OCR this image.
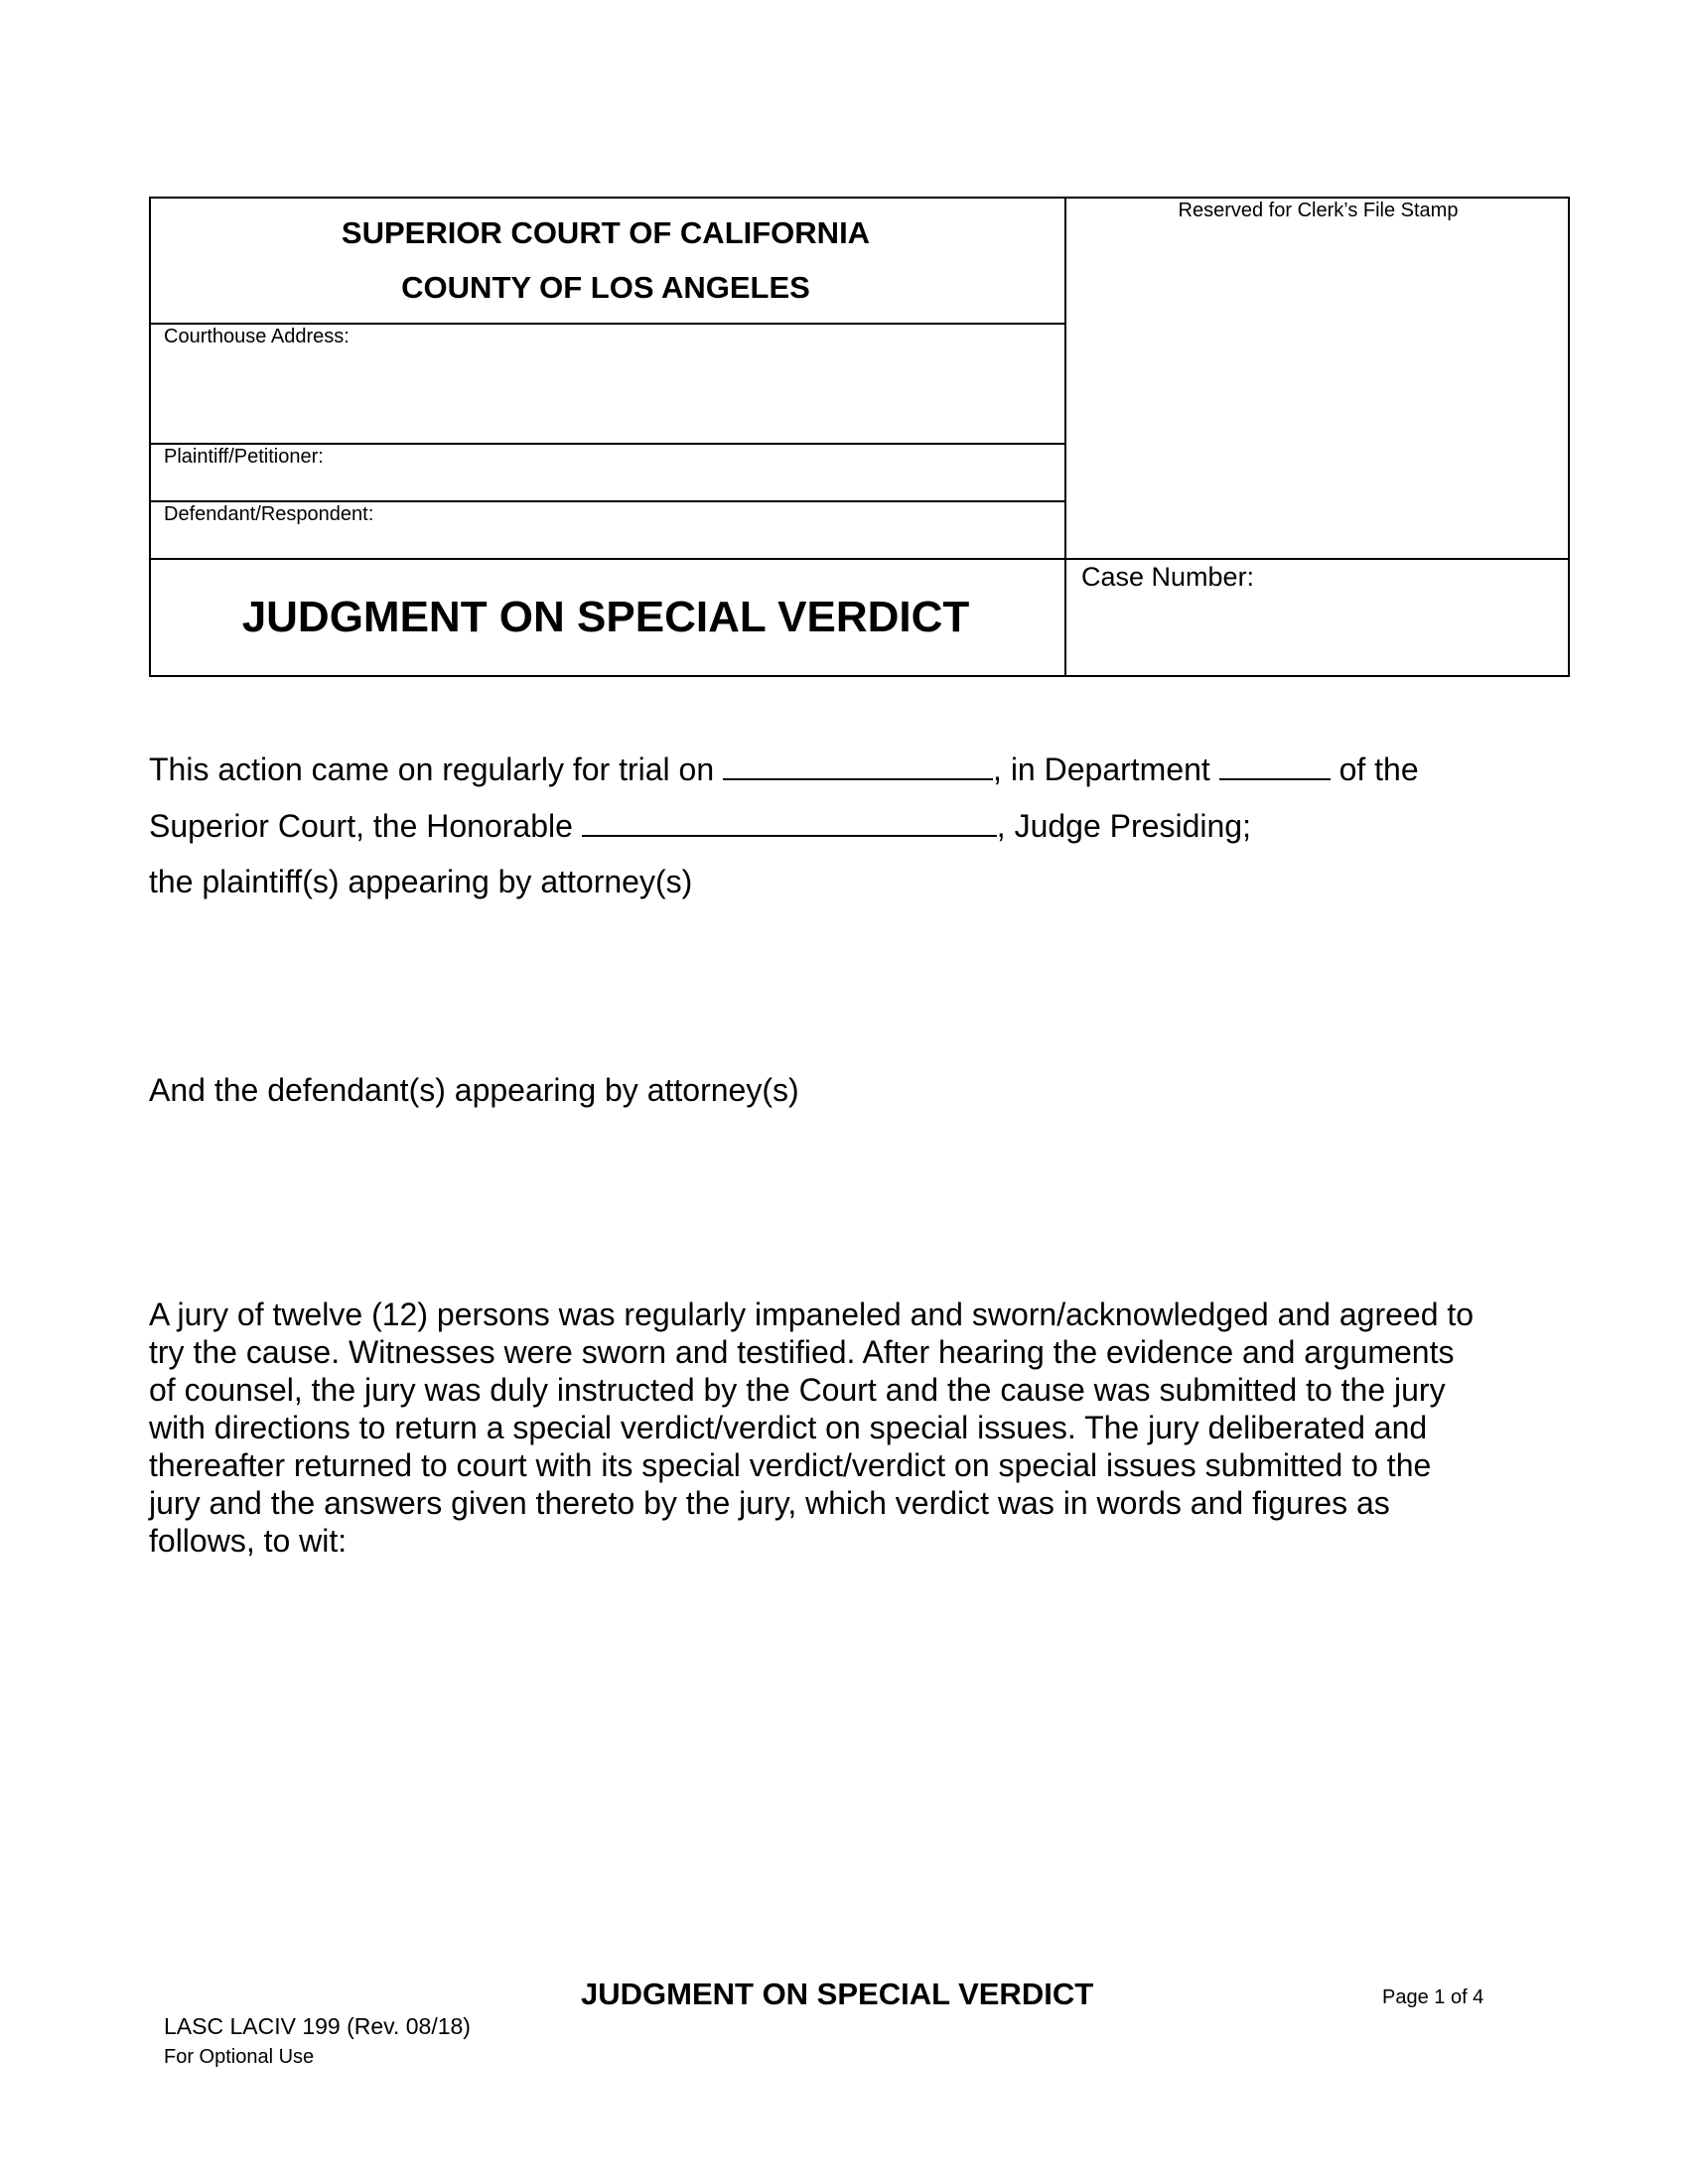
SUPERIOR COURT OF CALIFORNIA
COUNTY OF LOS ANGELES
Courthouse Address:
Plaintiff/Petitioner:
Defendant/Respondent:
Reserved for Clerk’s File Stamp
JUDGMENT ON SPECIAL VERDICT
Case Number:
This action came on regularly for trial on	, in Department	of the
Superior Court, the Honorable	, Judge Presiding;
the plaintiff(s) appearing by attorney(s)
And the defendant(s) appearing by attorney(s)
A jury of twelve (12) persons was regularly impaneled and sworn/acknowledged and agreed to
try the cause. Witnesses were sworn and testified. After hearing the evidence and arguments
of counsel, the jury was duly instructed by the Court and the cause was submitted to the jury
with directions to return a special verdict/verdict on special issues. The jury deliberated and
thereafter returned to court with its special verdict/verdict on special issues submitted to the
jury and the answers given thereto by the jury, which verdict was in words and figures as
follows, to wit:
JUDGMENT ON SPECIAL VERDICT	Page 1 of 4
LASC LACIV 199 (Rev. 08/18)
For Optional Use
